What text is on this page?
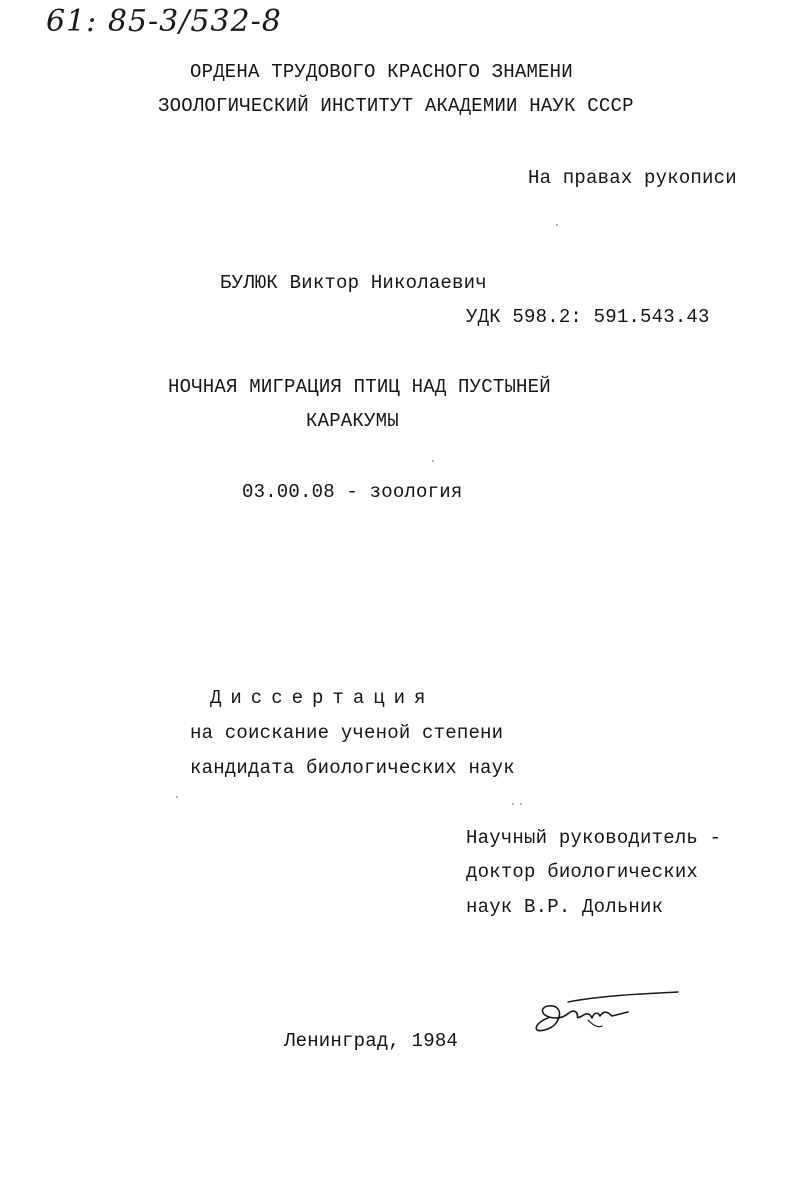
61: 85-3/532-8
ОРДЕНА ТРУДОВОГО КРАСНОГО ЗНАМЕНИ
ЗООЛОГИЧЕСКИЙ ИНСТИТУТ АКАДЕМИИ НАУК СССР
На правах рукописи
БУЛЮК Виктор Николаевич
УДК 598.2: 591.543.43
НОЧНАЯ МИГРАЦИЯ ПТИЦ НАД ПУСТЫНЕЙ
КАРАКУМЫ
03.00.08 - зоология
Диссертация
на соискание ученой степени
кандидата биологических наук
Научный руководитель -
доктор биологических
наук В.Р. Дольник
Ленинград, 1984
